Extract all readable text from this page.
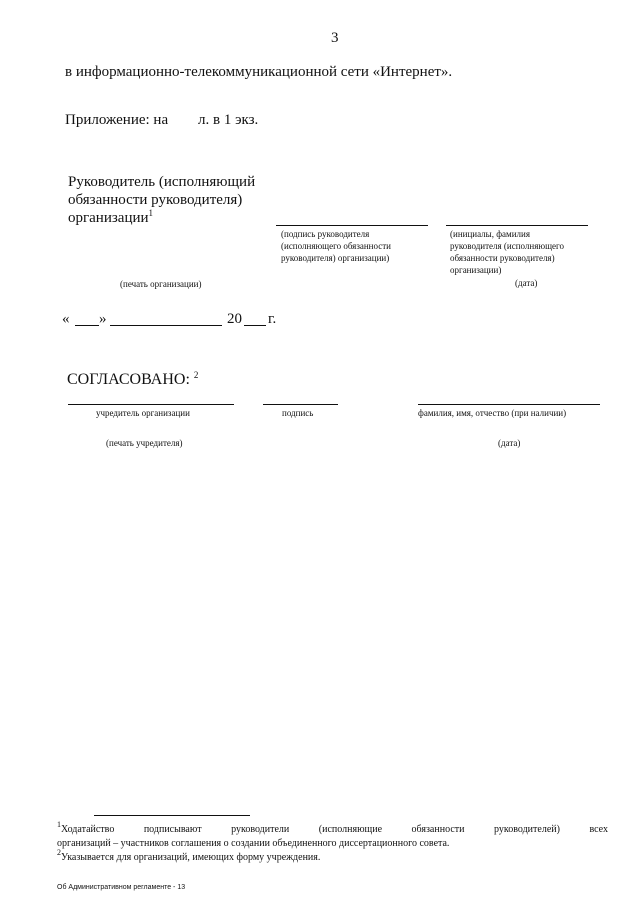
3
в информационно-телекоммуникационной сети «Интернет».
Приложение: на л. в 1 экз.
Руководитель (исполняющий
обязанности руководителя)
организации$^1$
(подпись руководителя
(исполняющего обязанности
руководителя) организации)
(инициалы, фамилия
руководителя (исполняющего
обязанности руководителя)
организации)
(печать организации)	(дата)
« »	20 г.
СОГЛАСОВАНО: $^2$
учредитель организации	подпись	фамилия, имя, отчество (при наличии)
(печать учредителя)	(дата)
$^1$Ходатайство подписывают руководители (исполняющие обязанности руководителей) всех
организаций – участников соглашения о создании объединенного диссертационного совета.
$^2$Указывается для организаций, имеющих форму учреждения.
Об Административном регламенте - 13
